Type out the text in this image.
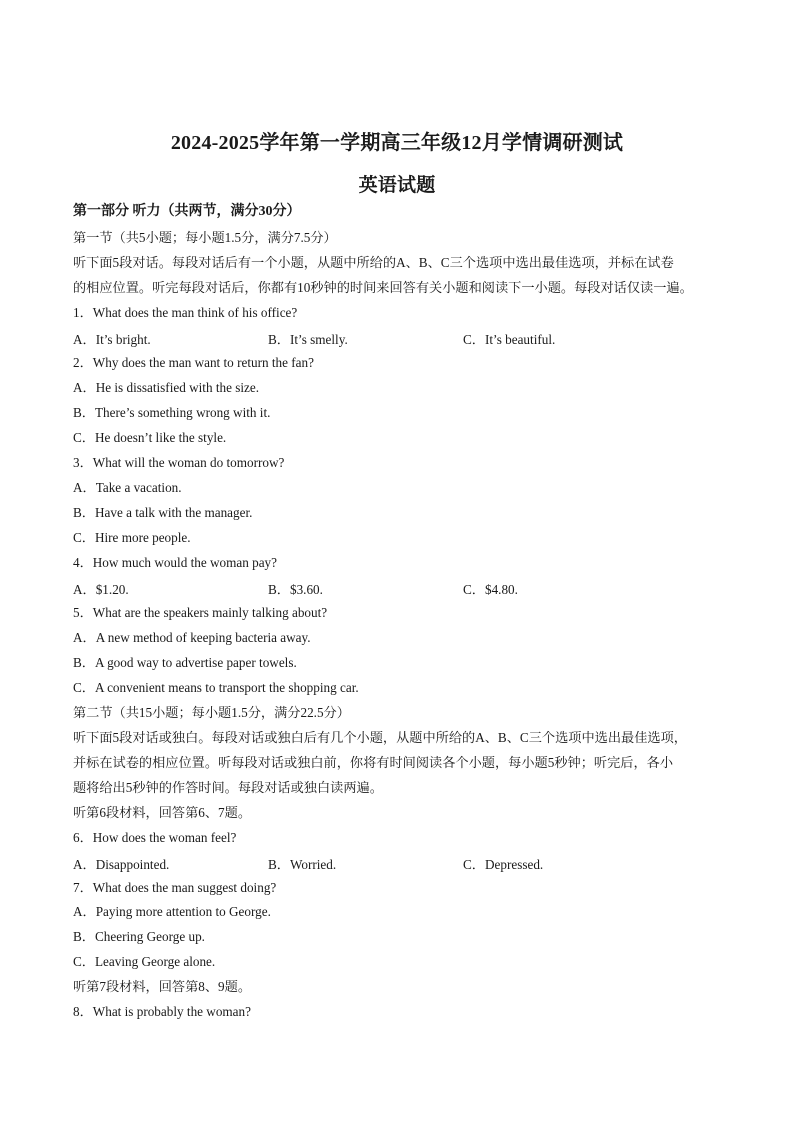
2024-2025学年第一学期高三年级12月学情调研测试
英语试题
第一部分 听力（共两节，满分30分）
第一节（共5小题；每小题1.5分，满分7.5分）
听下面5段对话。每段对话后有一个小题，从题中所给的A、B、C三个选项中选出最佳选项，并标在试卷
的相应位置。听完每段对话后，你都有10秒钟的时间来回答有关小题和阅读下一小题。每段对话仅读一遍。
1．What does the man think of his office?
A．It’s bright.	B．It’s smelly.	C．It’s beautiful.
2．Why does the man want to return the fan?
A．He is dissatisfied with the size.
B．There’s something wrong with it.
C．He doesn’t like the style.
3．What will the woman do tomorrow?
A．Take a vacation.
B．Have a talk with the manager.
C．Hire more people.
4．How much would the woman pay?
A．$1.20.	B．$3.60.	C．$4.80.
5．What are the speakers mainly talking about?
A．A new method of keeping bacteria away.
B．A good way to advertise paper towels.
C．A convenient means to transport the shopping car.
第二节（共15小题；每小题1.5分，满分22.5分）
听下面5段对话或独白。每段对话或独白后有几个小题，从题中所给的A、B、C三个选项中选出最佳选项，
并标在试卷的相应位置。听每段对话或独白前，你将有时间阅读各个小题，每小题5秒钟；听完后，各小
题将给出5秒钟的作答时间。每段对话或独白读两遍。
听第6段材料，回答第6、7题。
6．How does the woman feel?
A．Disappointed.	B．Worried.	C．Depressed.
7．What does the man suggest doing?
A．Paying more attention to George.
B．Cheering George up.
C．Leaving George alone.
听第7段材料，回答第8、9题。
8．What is probably the woman?
